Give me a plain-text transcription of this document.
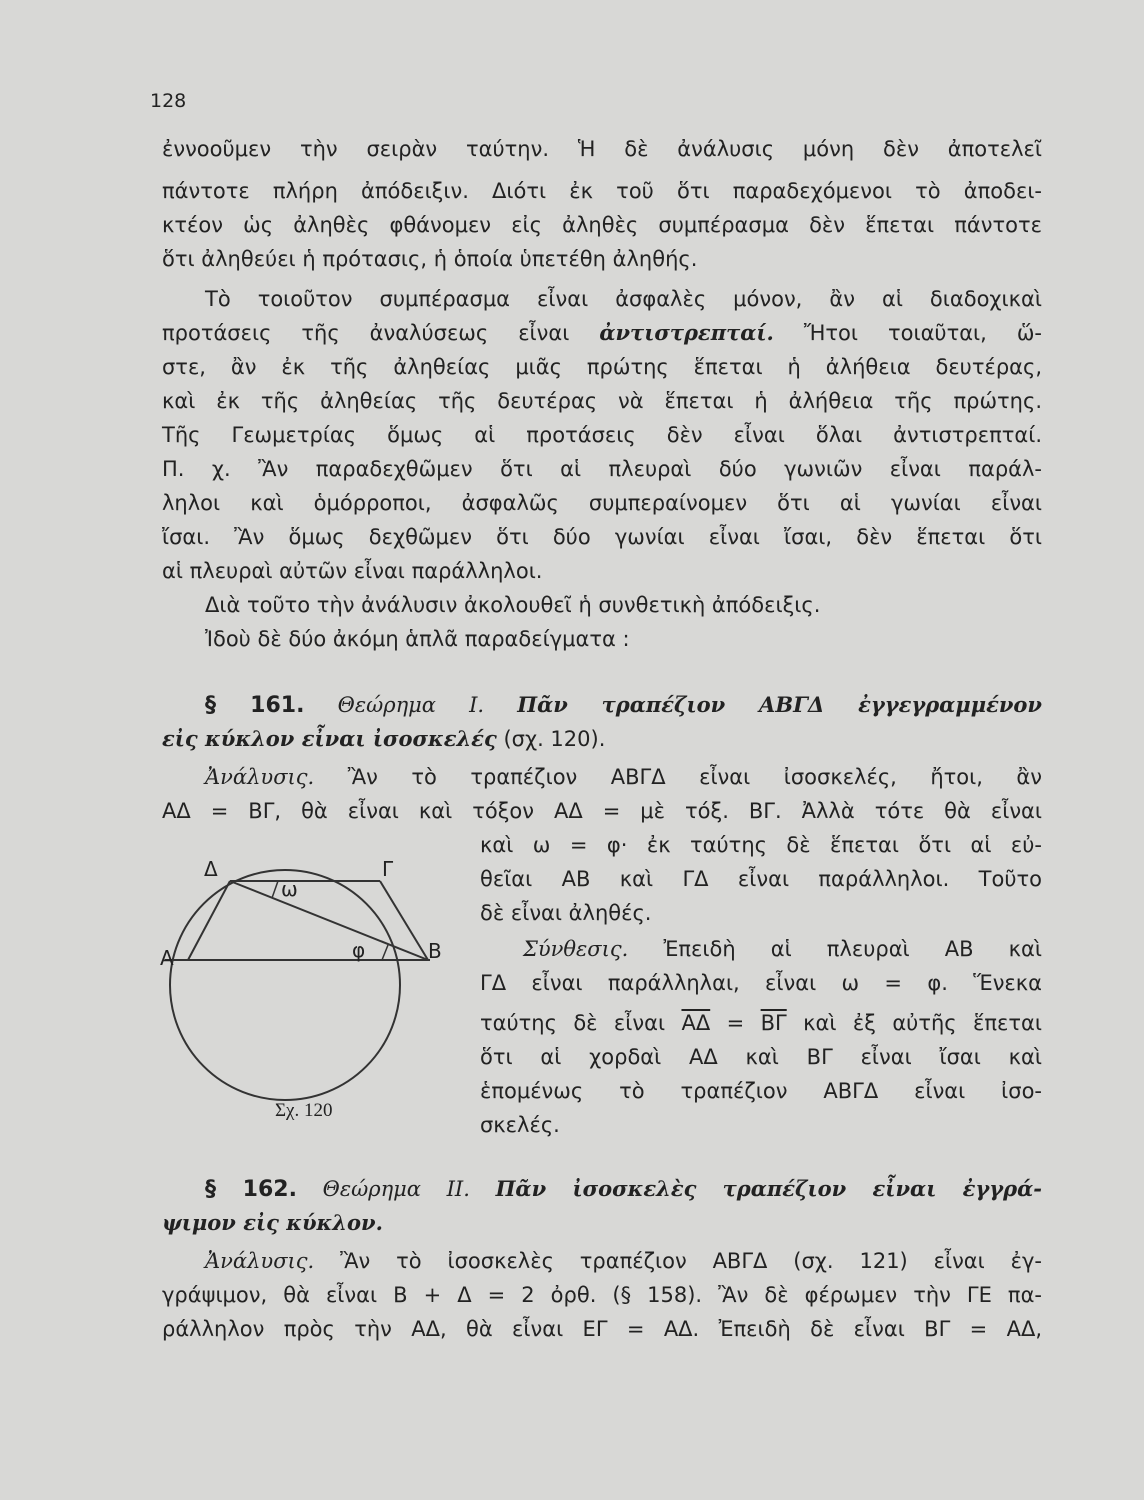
128
ἐννοοῦμεν τὴν σειρὰν ταύτην. Ἡ δὲ ἀνάλυσις μόνη δὲν ἀποτελεῖ
πάντοτε πλήρη ἀπόδειξιν. Διότι ἐκ τοῦ ὅτι παραδεχόμενοι τὸ ἀποδει-
κτέον ὡς ἀληθὲς φθάνομεν εἰς ἀληθὲς συμπέρασμα δὲν ἕπεται πάντοτε
ὅτι ἀληθεύει ἡ πρότασις, ἡ ὁποία ὑπετέθη ἀληθής.
Τὸ τοιοῦτον συμπέρασμα εἶναι ἀσφαλὲς μόνον, ἂν αἱ διαδοχικαὶ
προτάσεις τῆς ἀναλύσεως εἶναι ἀντιστρεπταί. Ἤτοι τοιαῦται, ὥ-
στε, ἂν ἐκ τῆς ἀληθείας μιᾶς πρώτης ἕπεται ἡ ἀλήθεια δευτέρας,
καὶ ἐκ τῆς ἀληθείας τῆς δευτέρας νὰ ἕπεται ἡ ἀλήθεια τῆς πρώτης.
Τῆς Γεωμετρίας ὅμως αἱ προτάσεις δὲν εἶναι ὅλαι ἀντιστρεπταί.
Π. χ. Ἂν παραδεχθῶμεν ὅτι αἱ πλευραὶ δύο γωνιῶν εἶναι παράλ-
ληλοι καὶ ὁμόρροποι, ἀσφαλῶς συμπεραίνομεν ὅτι αἱ γωνίαι εἶναι
ἴσαι. Ἂν ὅμως δεχθῶμεν ὅτι δύο γωνίαι εἶναι ἴσαι, δὲν ἕπεται ὅτι
αἱ πλευραὶ αὐτῶν εἶναι παράλληλοι.
Διὰ τοῦτο τὴν ἀνάλυσιν ἀκολουθεῖ ἡ συνθετικὴ ἀπόδειξις.
Ἰδοὺ δὲ δύο ἀκόμη ἁπλᾶ παραδείγματα :
§ 161. Θεώρημα Ι. Πᾶν τραπέζιον ΑΒΓΔ ἐγγεγραμμένον
εἰς κύκλον εἶναι ἰσοσκελές (σχ. 120).
Ἀνάλυσις. Ἂν τὸ τραπέζιον ΑΒΓΔ εἶναι ἰσοσκελές, ἤτοι, ἂν
ΑΔ = ΒΓ, θὰ εἶναι καὶ τόξον ΑΔ = μὲ τόξ. ΒΓ. Ἀλλὰ τότε θὰ εἶναι
καὶ ω = φ· ἐκ ταύτης δὲ ἕπεται ὅτι αἱ εὐ-
θεῖαι ΑΒ καὶ ΓΔ εἶναι παράλληλοι. Τοῦτο
δὲ εἶναι ἀληθές.
Σύνθεσις. Ἐπειδὴ αἱ πλευραὶ ΑΒ καὶ
ΓΔ εἶναι παράλληλαι, εἶναι ω = φ. Ἕνεκα
ταύτης δὲ εἶναι $\overline{A\Delta} = \overline{B\Gamma}$ καὶ ἐξ αὐτῆς ἕπεται
ὅτι αἱ χορδαὶ ΑΔ καὶ ΒΓ εἶναι ἴσαι καὶ
ἑπομένως τὸ τραπέζιον ΑΒΓΔ εἶναι ἰσο-
σκελές.
Δ	Γ
Α	Β
ω
φ
Σχ. 120
§ 162. Θεώρημα ΙΙ. Πᾶν ἰσοσκελὲς τραπέζιον εἶναι ἐγγρά-
ψιμον εἰς κύκλον.
Ἀνάλυσις. Ἂν τὸ ἰσοσκελὲς τραπέζιον ΑΒΓΔ (σχ. 121) εἶναι ἐγ-
γράψιμον, θὰ εἶναι Β + Δ = 2 ὀρθ. (§ 158). Ἂν δὲ φέρωμεν τὴν ΓΕ πα-
ράλληλον πρὸς τὴν ΑΔ, θὰ εἶναι ΕΓ = ΑΔ. Ἐπειδὴ δὲ εἶναι ΒΓ = ΑΔ,
